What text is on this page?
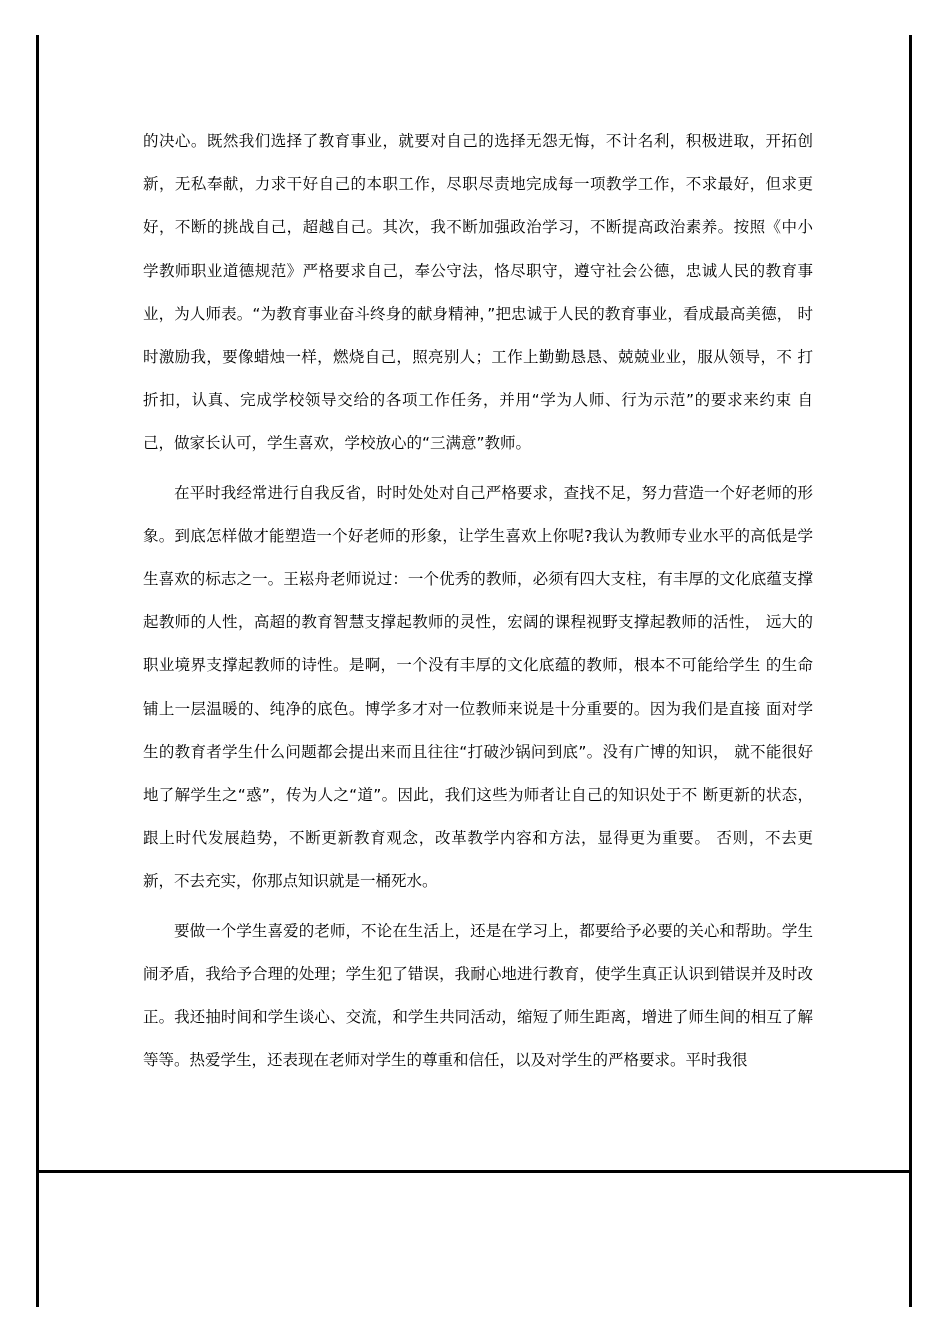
的决心。既然我们选择了教育事业，就要对自己的选择无怨无悔，不计名利，积极进取，开拓创新，无私奉献，力求干好自己的本职工作，尽职尽责地完成每一项教学工作，不求最好，但求更好，不断的挑战自己，超越自己。其次，我不断加强政治学习，不断提高政治素养。按照《中小 学教师职业道德规范》严格要求自己，奉公守法，恪尽职守，遵守社会公德，忠诚人民的教育事 业，为人师表。“为教育事业奋斗终身的献身精神，”把忠诚于人民的教育事业，看成最高美德， 时时激励我，要像蜡烛一样，燃烧自己，照亮别人；工作上勤勤恳恳、兢兢业业，服从领导，不 打折扣，认真、完成学校领导交给的各项工作任务，并用“学为人师、行为示范”的要求来约束 自己，做家长认可，学生喜欢，学校放心的“三满意”教师。

在平时我经常进行自我反省，时时处处对自己严格要求，查找不足，努力营造一个好老师的形象。到底怎样做才能塑造一个好老师的形象，让学生喜欢上你呢?我认为教师专业水平的高低是学生喜欢的标志之一。王崧舟老师说过：一个优秀的教师，必须有四大支柱，有丰厚的文化底蕴支撑起教师的人性，高超的教育智慧支撑起教师的灵性，宏阔的课程视野支撑起教师的活性， 远大的职业境界支撑起教师的诗性。是啊，一个没有丰厚的文化底蕴的教师，根本不可能给学生 的生命铺上一层温暖的、纯净的底色。博学多才对一位教师来说是十分重要的。因为我们是直接 面对学生的教育者学生什么问题都会提出来而且往往“打破沙锅问到底”。没有广博的知识， 就不能很好地了解学生之“惑”，传为人之“道”。因此，我们这些为师者让自己的知识处于不 断更新的状态，跟上时代发展趋势，不断更新教育观念，改革教学内容和方法，显得更为重要。 否则，不去更新，不去充实，你那点知识就是一桶死水。

要做一个学生喜爱的老师，不论在生活上，还是在学习上，都要给予必要的关心和帮助。学生闹矛盾，我给予合理的处理；学生犯了错误，我耐心地进行教育，使学生真正认识到错误并及时改正。我还抽时间和学生谈心、交流，和学生共同活动，缩短了师生距离，增进了师生间的相互了解等等。热爱学生，还表现在老师对学生的尊重和信任，以及对学生的严格要求。平时我很
